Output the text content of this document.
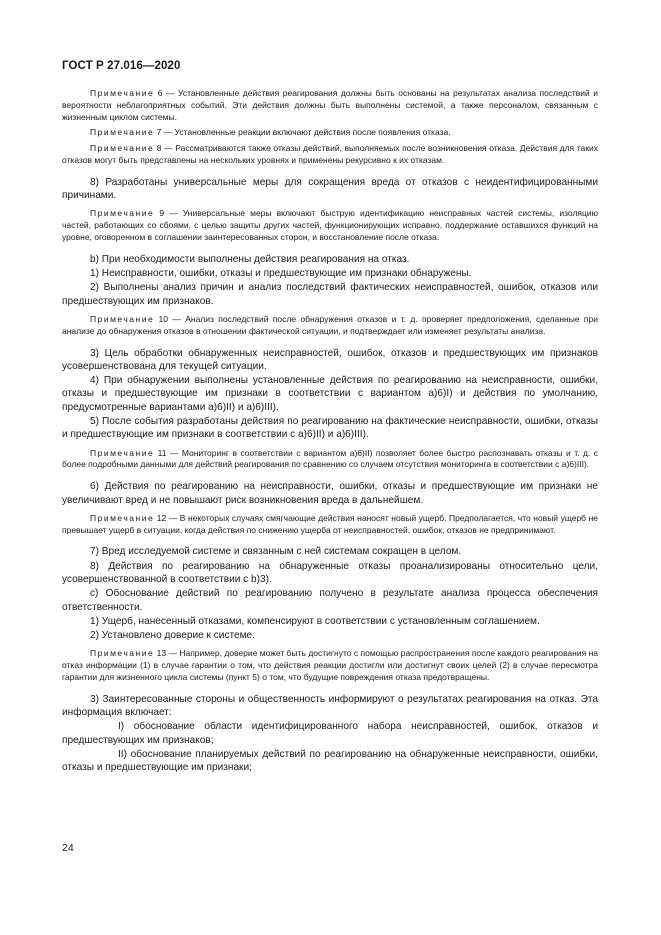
ГОСТ Р 27.016—2020

Примечание 6 — Установленные действия реагирования должны быть основаны на результатах анализа последствий и вероятности неблагоприятных событий. Эти действия должны быть выполнены системой, а также персоналом, связанным с жизненным циклом системы.

Примечание 7 — Установленные реакции включают действия после появления отказа.

Примечание 8 — Рассматриваются также отказы действий, выполняемых после возникновения отказа. Действия для таких отказов могут быть представлены на нескольких уровнях и применены рекурсивно к их отказам.

8) Разработаны универсальные меры для сокращения вреда от отказов с неидентифицированными причинами.

Примечание 9 — Универсальные меры включают быструю идентификацию неисправных частей системы, изоляцию частей, работающих со сбоями, с целью защиты других частей, функционирующих исправно, поддержание оставшихся функций на уровне, оговоренном в соглашении заинтересованных сторон, и восстановление после отказа.

b) При необходимости выполнены действия реагирования на отказ.

1) Неисправности, ошибки, отказы и предшествующие им признаки обнаружены.

2) Выполнены анализ причин и анализ последствий фактических неисправностей, ошибок, отказов или предшествующих им признаков.

Примечание 10 — Анализ последствий после обнаружения отказов и т. д. проверяет предположения, сделанные при анализе до обнаружения отказов в отношении фактической ситуации, и подтверждает или изменяет результаты анализа.

3) Цель обработки обнаруженных неисправностей, ошибок, отказов и предшествующих им признаков усовершенствована для текущей ситуации.

4) При обнаружении выполнены установленные действия по реагированию на неисправности, ошибки, отказы и предшествующие им признаки в соответствии с вариантом а)6)I) и действия по умолчанию, предусмотренные вариантами а)6)II) и а)6)III).

5) После события разработаны действия по реагированию на фактические неисправности, ошибки, отказы и предшествующие им признаки в соответствии с а)6)II) и а)6)III).

Примечание 11 — Мониторинг в соответствии с вариантом а)6)II) позволяет более быстро распознавать отказы и т. д. с более подробными данными для действий реагирования по сравнению со случаем отсутствия мониторинга в соответствии с а)6)III).

6) Действия по реагированию на неисправности, ошибки, отказы и предшествующие им признаки не увеличивают вред и не повышают риск возникновения вреда в дальнейшем.

Примечание 12 — В некоторых случаях смягчающие действия наносят новый ущерб. Предполагается, что новый ущерб не превышает ущерб в ситуации, когда действия по снижению ущерба от неисправностей, ошибок, отказов не предпринимают.

7) Вред исследуемой системе и связанным с ней системам сокращен в целом.

8) Действия по реагированию на обнаруженные отказы проанализированы относительно цели, усовершенствованной в соответствии с b)3).

с) Обоснование действий по реагированию получено в результате анализа процесса обеспечения ответственности.

1) Ущерб, нанесенный отказами, компенсируют в соответствии с установленным соглашением.

2) Установлено доверие к системе.

Примечание 13 — Например, доверие может быть достигнуто с помощью распространения после каждого реагирования на отказ информации (1) в случае гарантии о том, что действия реакции достигли или достигнут своих целей (2) в случае пересмотра гарантии для жизненного цикла системы (пункт 5) о том, что будущие повреждения отказа предотвращены.

3) Заинтересованные стороны и общественность информируют о результатах реагирования на отказ. Эта информация включает:

I) обоснование области идентифицированного набора неисправностей, ошибок, отказов и предшествующих им признаков;

II) обоснование планируемых действий по реагированию на обнаруженные неисправности, ошибки, отказы и предшествующие им признаки;

24
